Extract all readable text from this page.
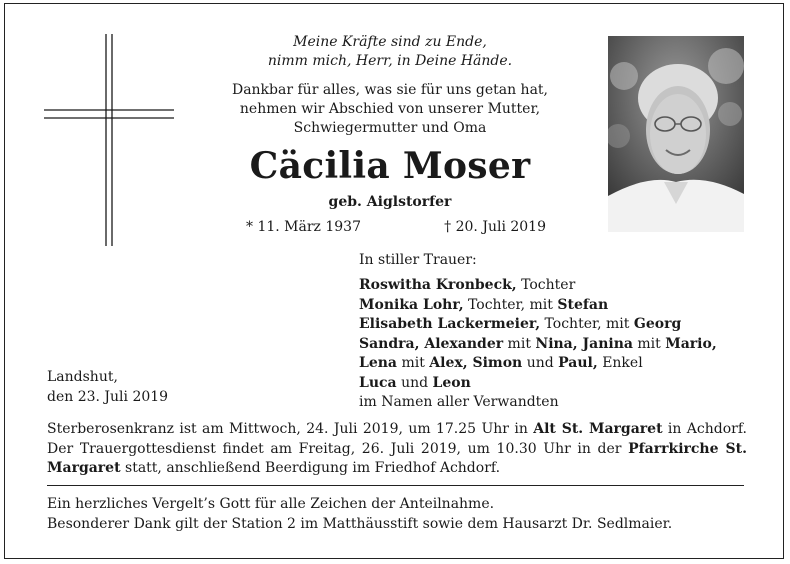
Meine Kräfte sind zu Ende,
nimm mich, Herr, in Deine Hände.
Dankbar für alles, was sie für uns getan hat,
nehmen wir Abschied von unserer Mutter,
Schwiegermutter und Oma
Cäcilia Moser
geb. Aiglstorfer
* 11. März 1937	† 20. Juli 2019
In stiller Trauer:
Roswitha Kronbeck, Tochter
Monika Lohr, Tochter, mit Stefan
Elisabeth Lackermeier, Tochter, mit Georg
Sandra, Alexander mit Nina, Janina mit Mario,
Lena mit Alex, Simon und Paul, Enkel
Luca und Leon
im Namen aller Verwandten
Landshut,
den 23. Juli 2019
Sterberosenkranz ist am Mittwoch, 24. Juli 2019, um 17.25 Uhr in Alt St. Margaret in Achdorf. Der Trauergottesdienst findet am Freitag, 26. Juli 2019, um 10.30 Uhr in der Pfarrkirche St. Margaret statt, anschließend Beerdigung im Friedhof Achdorf.
Ein herzliches Vergelt’s Gott für alle Zeichen der Anteilnahme.
Besonderer Dank gilt der Station 2 im Matthäusstift sowie dem Hausarzt Dr. Sedlmaier.
